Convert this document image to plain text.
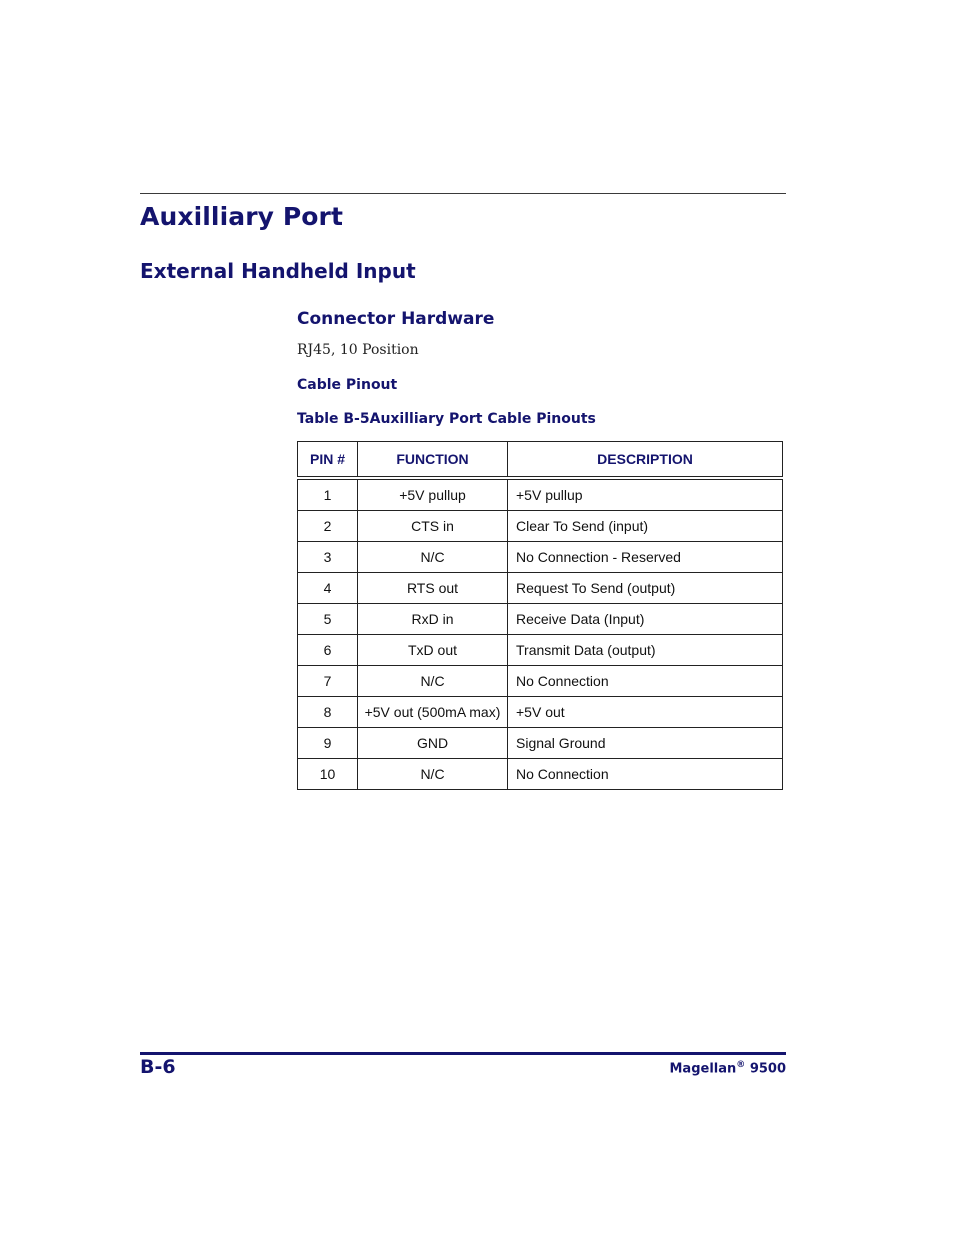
Auxilliary Port
External Handheld Input
Connector Hardware
RJ45, 10 Position
Cable Pinout
Table B-5Auxilliary Port Cable Pinouts
PIN #	FUNCTION	DESCRIPTION
1	+5V pullup	+5V pullup
2	CTS in	Clear To Send (input)
3	N/C	No Connection - Reserved
4	RTS out	Request To Send (output)
5	RxD in	Receive Data (Input)
6	TxD out	Transmit Data (output)
7	N/C	No Connection
8	+5V out (500mA max)	+5V out
9	GND	Signal Ground
10	N/C	No Connection
B-6	Magellan® 9500
